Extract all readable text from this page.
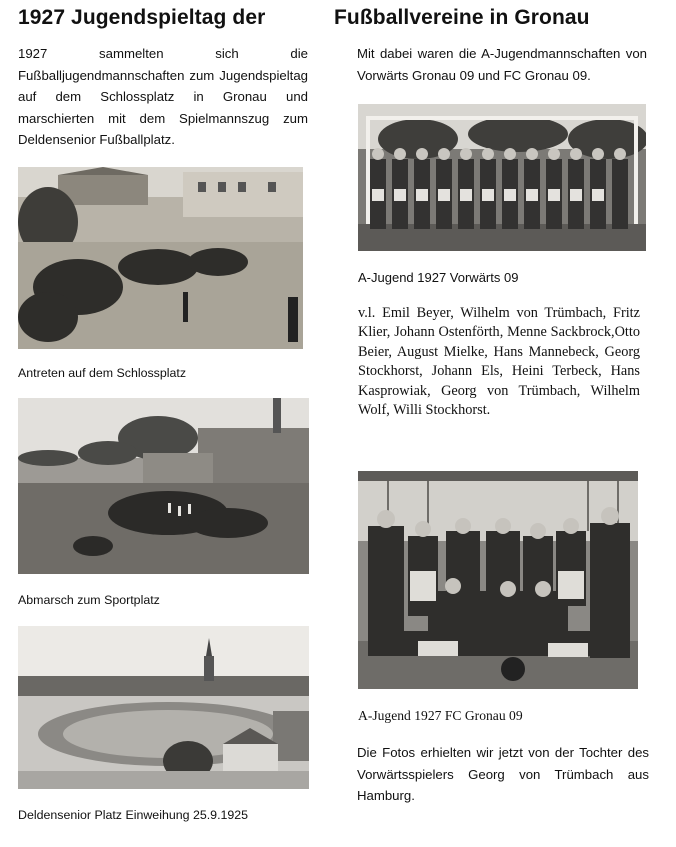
1927 Jugendspieltag der	Fußballvereine in Gronau

1927 sammelten sich die Fußballjugendmannschaften zum Jugendspieltag auf dem Schlossplatz in Gronau und marschierten mit dem Spielmannszug zum Deldensenior Fußballplatz.

Mit dabei waren die A-Jugendmannschaften von Vorwärts Gronau 09 und FC Gronau 09.

Antreten auf dem Schlossplatz
Abmarsch zum Sportplatz
Deldensenior Platz Einweihung 25.9.1925
A-Jugend 1927 Vorwärts 09

v.l. Emil Beyer, Wilhelm von Trümbach, Fritz Klier, Johann Ostenförth, Menne Sackbrock,Otto Beier, August Mielke, Hans Mannebeck, Georg Stockhorst, Johann Els, Heini Terbeck, Hans Kasprowiak, Georg von Trümbach, Wilhelm Wolf, Willi Stockhorst.

A-Jugend 1927 FC Gronau 09

Die Fotos erhielten wir jetzt von der Tochter des Vorwärtsspielers Georg von Trümbach aus Hamburg.
